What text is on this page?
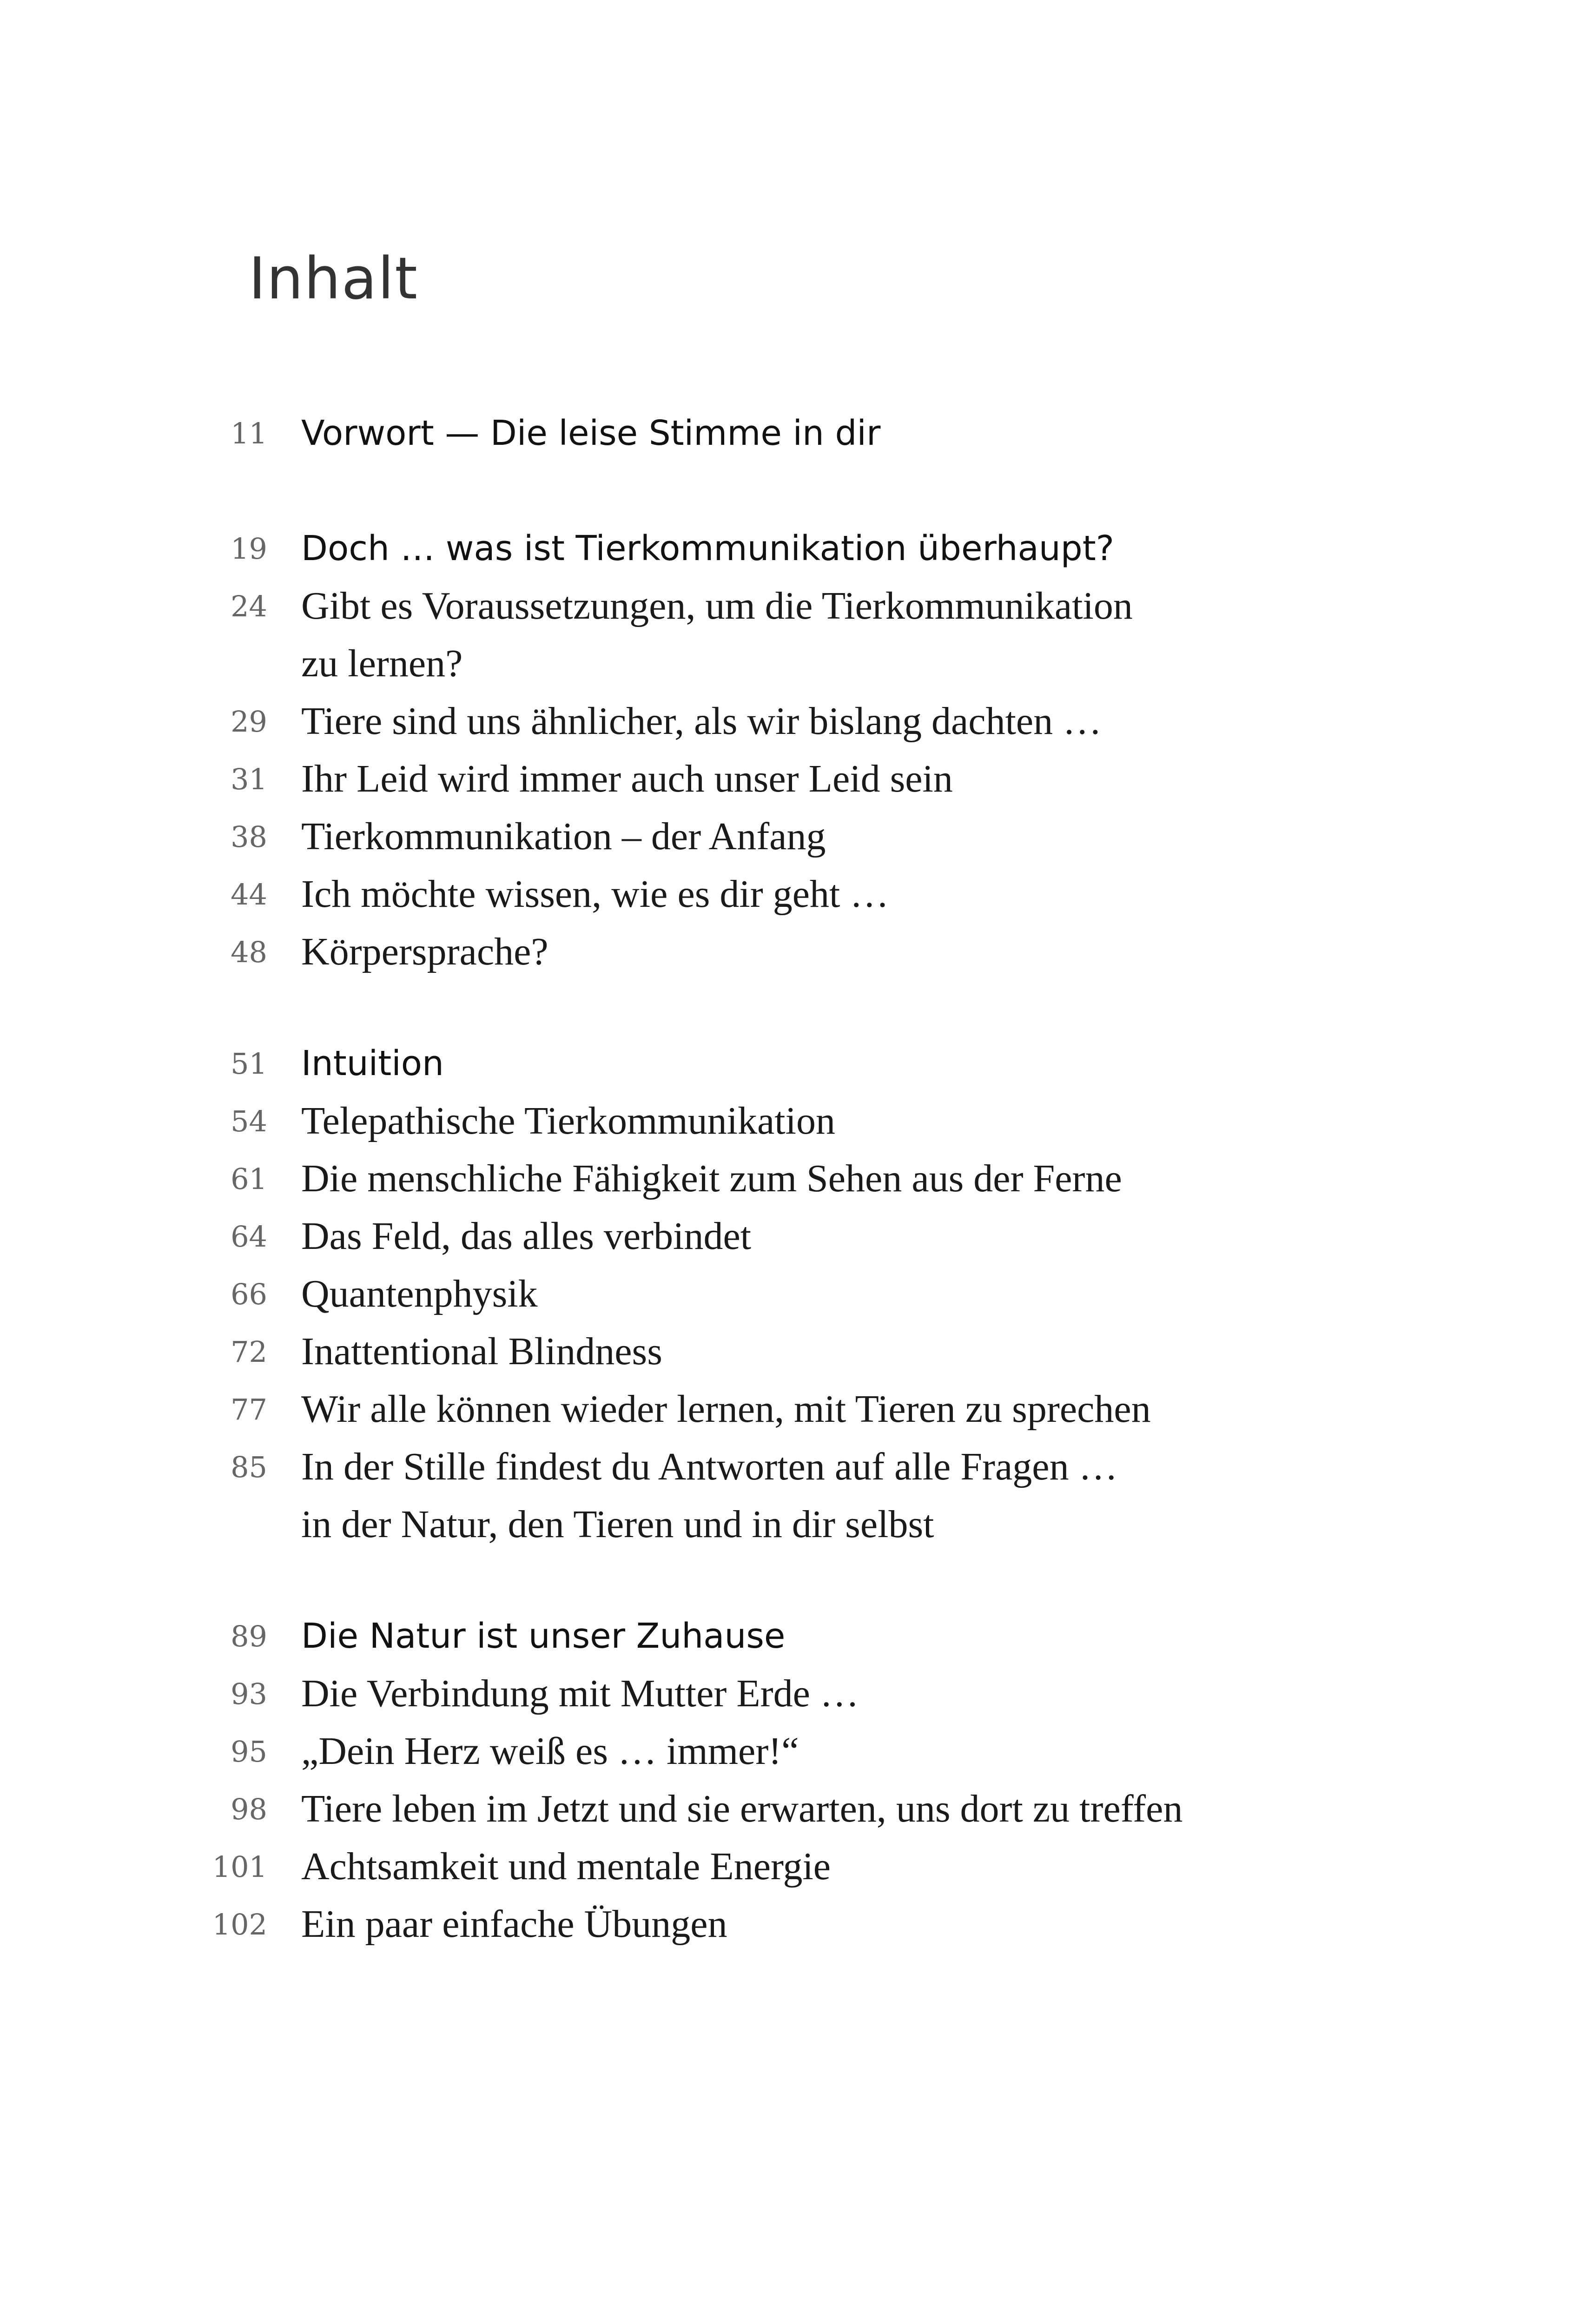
Inhalt
11 Vorwort — Die leise Stimme in dir
19 Doch … was ist Tierkommunikation überhaupt?
24 Gibt es Voraussetzungen, um die Tierkommunikation
zu lernen?
29 Tiere sind uns ähnlicher, als wir bislang dachten …
31 Ihr Leid wird immer auch unser Leid sein
38 Tierkommunikation – der Anfang
44 Ich möchte wissen, wie es dir geht …
48 Körpersprache?
51 Intuition
54 Telepathische Tierkommunikation
61 Die menschliche Fähigkeit zum Sehen aus der Ferne
64 Das Feld, das alles verbindet
66 Quantenphysik
72 Inattentional Blindness
77 Wir alle können wieder lernen, mit Tieren zu sprechen
85 In der Stille findest du Antworten auf alle Fragen …
in der Natur, den Tieren und in dir selbst
89 Die Natur ist unser Zuhause
93 Die Verbindung mit Mutter Erde …
95 „Dein Herz weiß es … immer!“
98 Tiere leben im Jetzt und sie erwarten, uns dort zu treffen
101 Achtsamkeit und mentale Energie
102 Ein paar einfache Übungen
